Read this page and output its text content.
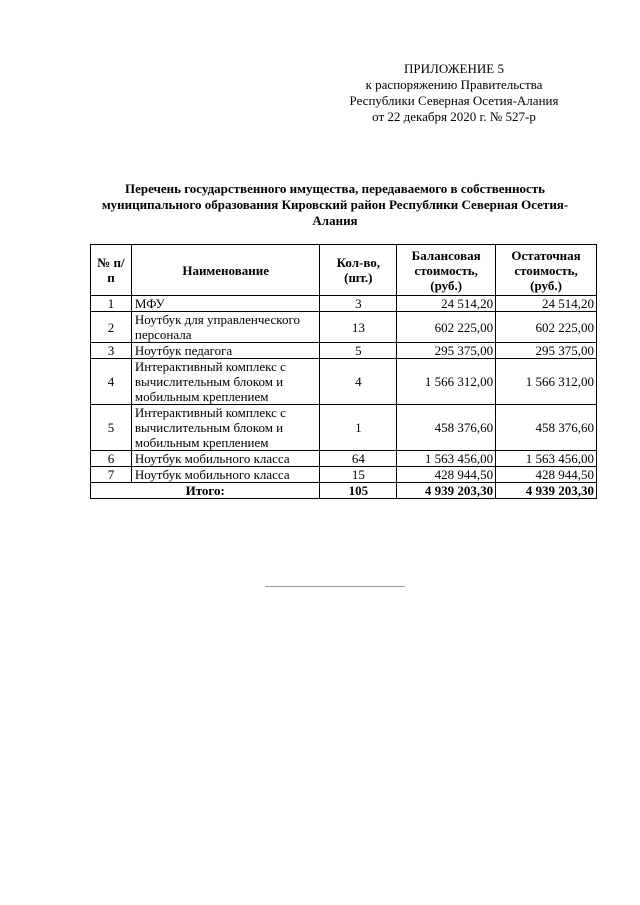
ПРИЛОЖЕНИЕ 5
к распоряжению Правительства
Республики Северная Осетия-Алания
от 22 декабря 2020 г. № 527-р
Перечень государственного имущества, передаваемого в собственность муниципального образования Кировский район Республики Северная Осетия-Алания
№ п/п	Наименование	Кол-во, (шт.)	Балансовая стоимость, (руб.)	Остаточная стоимость, (руб.)
1	МФУ	3	24 514,20	24 514,20
2	Ноутбук для управленческого персонала	13	602 225,00	602 225,00
3	Ноутбук педагога	5	295 375,00	295 375,00
4	Интерактивный комплекс с вычислительным блоком и мобильным креплением	4	1 566 312,00	1 566 312,00
5	Интерактивный комплекс с вычислительным блоком и мобильным креплением	1	458 376,60	458 376,60
6	Ноутбук мобильного класса	64	1 563 456,00	1 563 456,00
7	Ноутбук мобильного класса	15	428 944,50	428 944,50
Итого:		105	4 939 203,30	4 939 203,30
